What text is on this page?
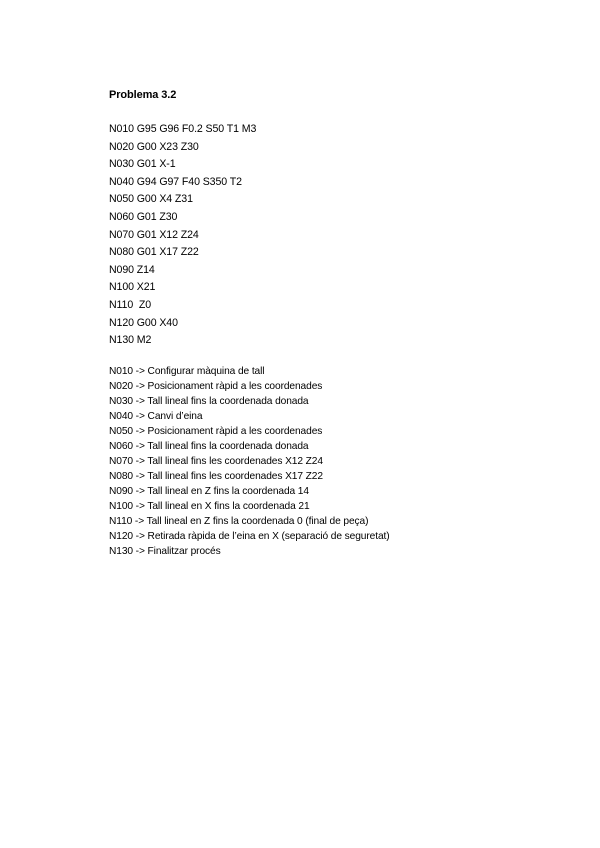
Problema 3.2
N010 G95 G96 F0.2 S50 T1 M3
N020 G00 X23 Z30
N030 G01 X-1
N040 G94 G97 F40 S350 T2
N050 G00 X4 Z31
N060 G01 Z30
N070 G01 X12 Z24
N080 G01 X17 Z22
N090 Z14
N100 X21
N110  Z0
N120 G00 X40
N130 M2
N010 -> Configurar màquina de tall
N020 -> Posicionament ràpid a les coordenades
N030 -> Tall lineal fins la coordenada donada
N040 -> Canvi d’eina
N050 -> Posicionament ràpid a les coordenades
N060 -> Tall lineal fins la coordenada donada
N070 -> Tall lineal fins les coordenades X12 Z24
N080 -> Tall lineal fins les coordenades X17 Z22
N090 -> Tall lineal en Z fins la coordenada 14
N100 -> Tall lineal en X fins la coordenada 21
N110 -> Tall lineal en Z fins la coordenada 0 (final de peça)
N120 -> Retirada ràpida de l’eina en X (separació de seguretat)
N130 -> Finalitzar procés
